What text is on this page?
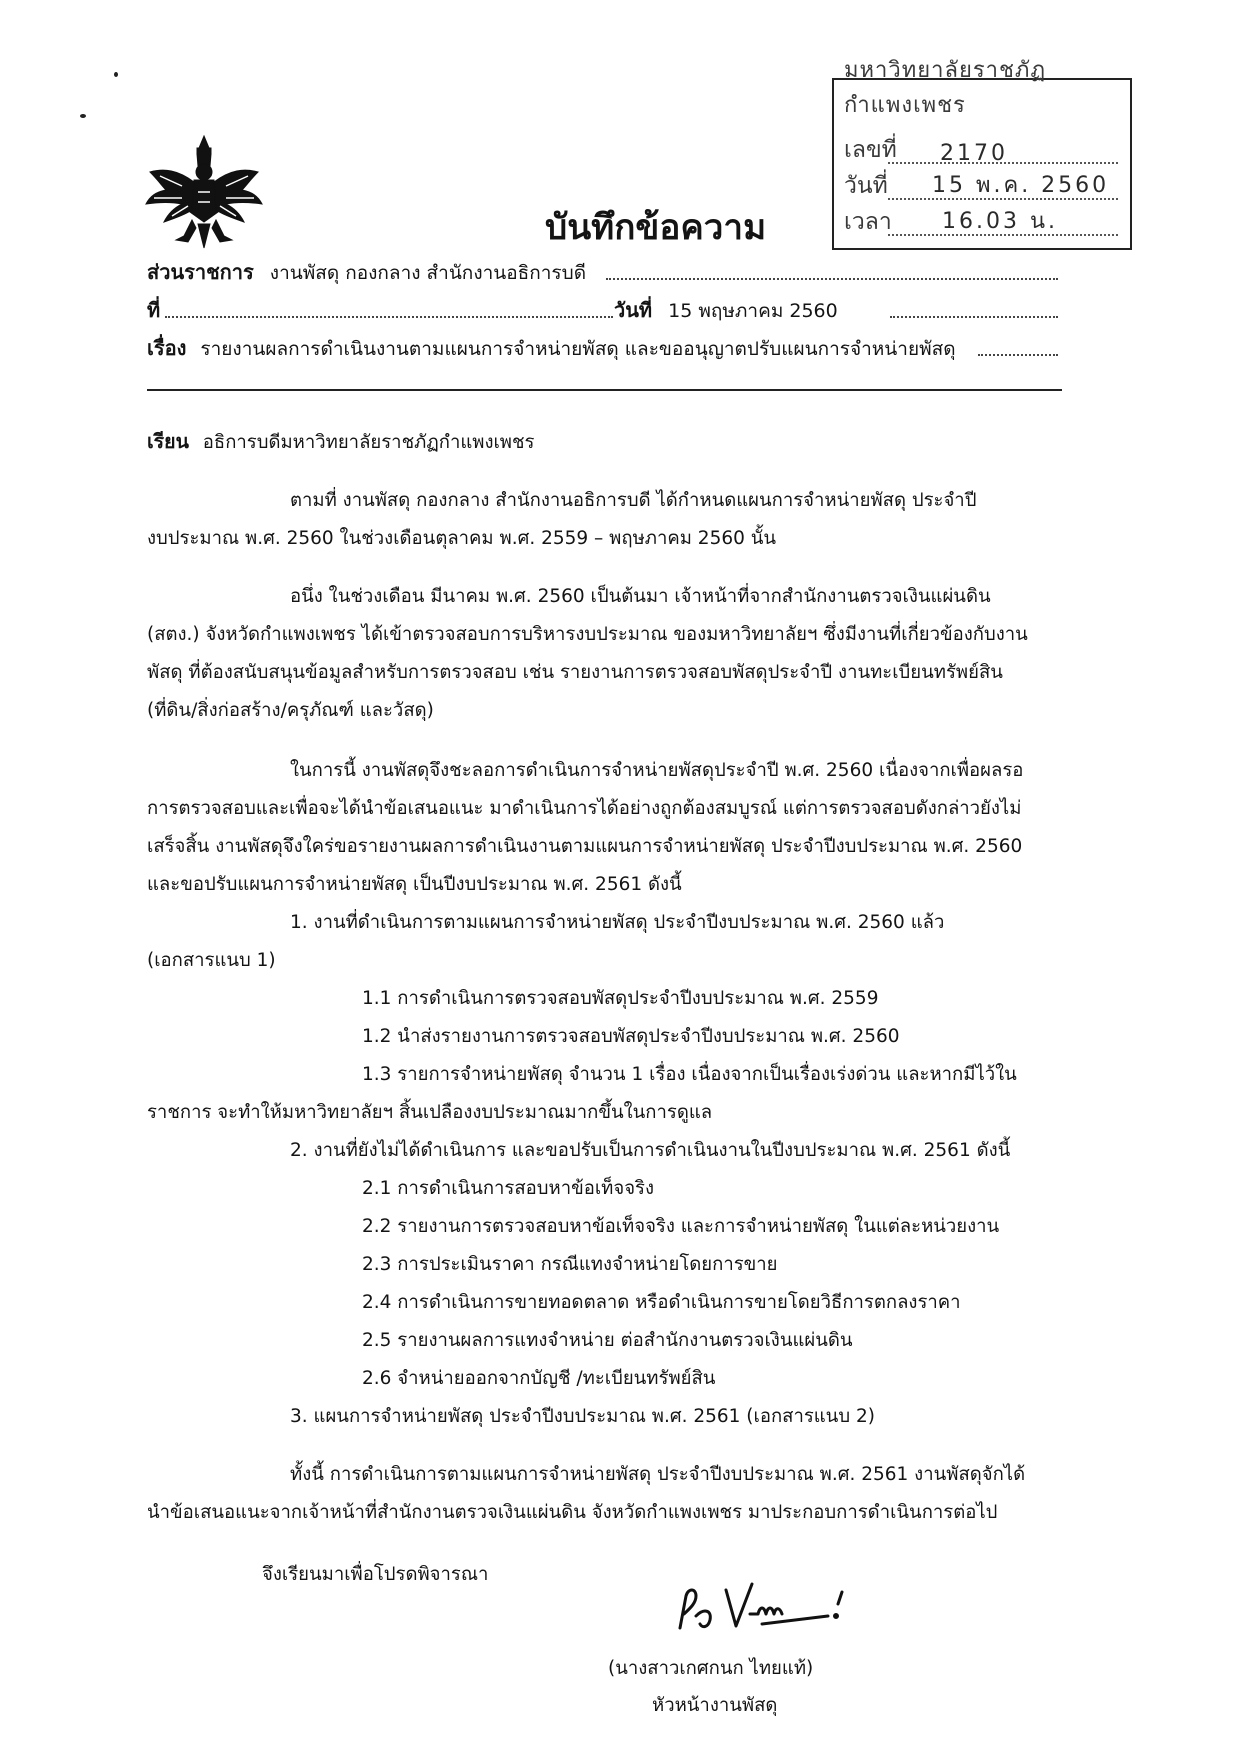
มหาวิทยาลัยราชภัฏกำแพงเพชร
เลขที่ 2170
วันที่ 15 พ.ค. 2560
เวลา 16.03 น.
บันทึกข้อความ
ส่วนราชการ งานพัสดุ กองกลาง สำนักงานอธิการบดี
ที่	วันที่ 15 พฤษภาคม 2560
เรื่อง รายงานผลการดำเนินงานตามแผนการจำหน่ายพัสดุ และขออนุญาตปรับแผนการจำหน่ายพัสดุ
เรียน อธิการบดีมหาวิทยาลัยราชภัฏกำแพงเพชร
ตามที่ งานพัสดุ กองกลาง สำนักงานอธิการบดี ได้กำหนดแผนการจำหน่ายพัสดุ ประจำปี
งบประมาณ พ.ศ. 2560 ในช่วงเดือนตุลาคม พ.ศ. 2559 – พฤษภาคม 2560 นั้น
อนึ่ง ในช่วงเดือน มีนาคม พ.ศ. 2560 เป็นต้นมา เจ้าหน้าที่จากสำนักงานตรวจเงินแผ่นดิน
(สตง.) จังหวัดกำแพงเพชร ได้เข้าตรวจสอบการบริหารงบประมาณ ของมหาวิทยาลัยฯ ซึ่งมีงานที่เกี่ยวข้องกับงาน
พัสดุ ที่ต้องสนับสนุนข้อมูลสำหรับการตรวจสอบ เช่น รายงานการตรวจสอบพัสดุประจำปี งานทะเบียนทรัพย์สิน
(ที่ดิน/สิ่งก่อสร้าง/ครุภัณฑ์ และวัสดุ)
ในการนี้ งานพัสดุจึงชะลอการดำเนินการจำหน่ายพัสดุประจำปี พ.ศ. 2560 เนื่องจากเพื่อผลรอ
การตรวจสอบและเพื่อจะได้นำข้อเสนอแนะ มาดำเนินการได้อย่างถูกต้องสมบูรณ์ แต่การตรวจสอบดังกล่าวยังไม่
เสร็จสิ้น งานพัสดุจึงใคร่ขอรายงานผลการดำเนินงานตามแผนการจำหน่ายพัสดุ ประจำปีงบประมาณ พ.ศ. 2560
และขอปรับแผนการจำหน่ายพัสดุ เป็นปีงบประมาณ พ.ศ. 2561 ดังนี้
1. งานที่ดำเนินการตามแผนการจำหน่ายพัสดุ ประจำปีงบประมาณ พ.ศ. 2560 แล้ว
(เอกสารแนบ 1)
1.1 การดำเนินการตรวจสอบพัสดุประจำปีงบประมาณ พ.ศ. 2559
1.2 นำส่งรายงานการตรวจสอบพัสดุประจำปีงบประมาณ พ.ศ. 2560
1.3 รายการจำหน่ายพัสดุ จำนวน 1 เรื่อง เนื่องจากเป็นเรื่องเร่งด่วน และหากมีไว้ใน
ราชการ จะทำให้มหาวิทยาลัยฯ สิ้นเปลืองงบประมาณมากขึ้นในการดูแล
2. งานที่ยังไม่ได้ดำเนินการ และขอปรับเป็นการดำเนินงานในปีงบประมาณ พ.ศ. 2561 ดังนี้
2.1 การดำเนินการสอบหาข้อเท็จจริง
2.2 รายงานการตรวจสอบหาข้อเท็จจริง และการจำหน่ายพัสดุ ในแต่ละหน่วยงาน
2.3 การประเมินราคา กรณีแทงจำหน่ายโดยการขาย
2.4 การดำเนินการขายทอดตลาด หรือดำเนินการขายโดยวิธีการตกลงราคา
2.5 รายงานผลการแทงจำหน่าย ต่อสำนักงานตรวจเงินแผ่นดิน
2.6 จำหน่ายออกจากบัญชี /ทะเบียนทรัพย์สิน
3. แผนการจำหน่ายพัสดุ ประจำปีงบประมาณ พ.ศ. 2561 (เอกสารแนบ 2)
ทั้งนี้ การดำเนินการตามแผนการจำหน่ายพัสดุ ประจำปีงบประมาณ พ.ศ. 2561 งานพัสดุจักได้
นำข้อเสนอแนะจากเจ้าหน้าที่สำนักงานตรวจเงินแผ่นดิน จังหวัดกำแพงเพชร มาประกอบการดำเนินการต่อไป
จึงเรียนมาเพื่อโปรดพิจารณา
(นางสาวเกศกนก ไทยแท้)
หัวหน้างานพัสดุ
